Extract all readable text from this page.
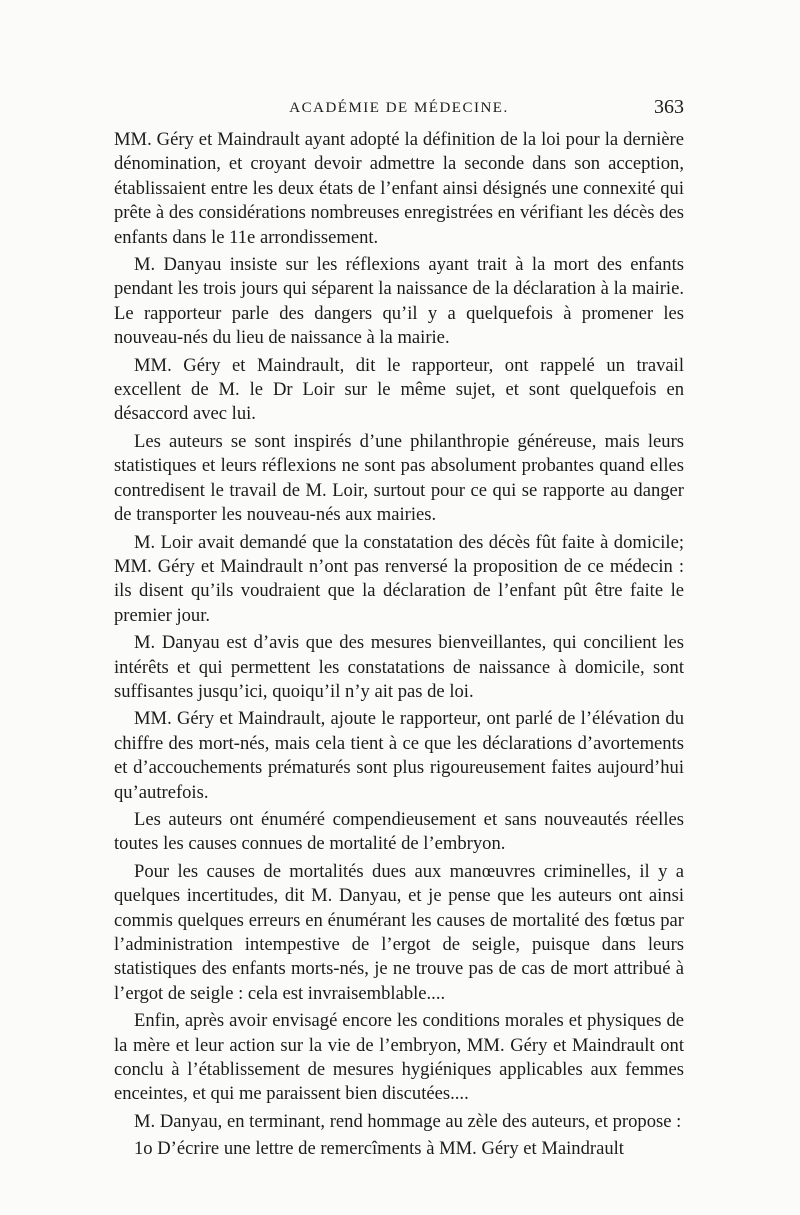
ACADÉMIE DE MÉDECINE.	363

MM. Géry et Maindrault ayant adopté la définition de la loi pour la dernière dénomination, et croyant devoir admettre la seconde dans son acception, établissaient entre les deux états de l’enfant ainsi désignés une connexité qui prête à des considérations nombreuses enregistrées en vérifiant les décès des enfants dans le 11e arrondissement.

M. Danyau insiste sur les réflexions ayant trait à la mort des enfants pendant les trois jours qui séparent la naissance de la déclaration à la mairie. Le rapporteur parle des dangers qu’il y a quelquefois à promener les nouveau-nés du lieu de naissance à la mairie.

MM. Géry et Maindrault, dit le rapporteur, ont rappelé un travail excellent de M. le Dr Loir sur le même sujet, et sont quelquefois en désaccord avec lui.

Les auteurs se sont inspirés d’une philanthropie généreuse, mais leurs statistiques et leurs réflexions ne sont pas absolument probantes quand elles contredisent le travail de M. Loir, surtout pour ce qui se rapporte au danger de transporter les nouveau-nés aux mairies.

M. Loir avait demandé que la constatation des décès fût faite à domicile; MM. Géry et Maindrault n’ont pas renversé la proposition de ce médecin : ils disent qu’ils voudraient que la déclaration de l’enfant pût être faite le premier jour.

M. Danyau est d’avis que des mesures bienveillantes, qui concilient les intérêts et qui permettent les constatations de naissance à domicile, sont suffisantes jusqu’ici, quoiqu’il n’y ait pas de loi.

MM. Géry et Maindrault, ajoute le rapporteur, ont parlé de l’élévation du chiffre des mort-nés, mais cela tient à ce que les déclarations d’avortements et d’accouchements prématurés sont plus rigoureusement faites aujourd’hui qu’autrefois.

Les auteurs ont énuméré compendieusement et sans nouveautés réelles toutes les causes connues de mortalité de l’embryon.

Pour les causes de mortalités dues aux manœuvres criminelles, il y a quelques incertitudes, dit M. Danyau, et je pense que les auteurs ont ainsi commis quelques erreurs en énumérant les causes de mortalité des fœtus par l’administration intempestive de l’ergot de seigle, puisque dans leurs statistiques des enfants morts-nés, je ne trouve pas de cas de mort attribué à l’ergot de seigle : cela est invraisemblable....

Enfin, après avoir envisagé encore les conditions morales et physiques de la mère et leur action sur la vie de l’embryon, MM. Géry et Maindrault ont conclu à l’établissement de mesures hygiéniques applicables aux femmes enceintes, et qui me paraissent bien discutées....

M. Danyau, en terminant, rend hommage au zèle des auteurs, et propose :

1o D’écrire une lettre de remercîments à MM. Géry et Maindrault
